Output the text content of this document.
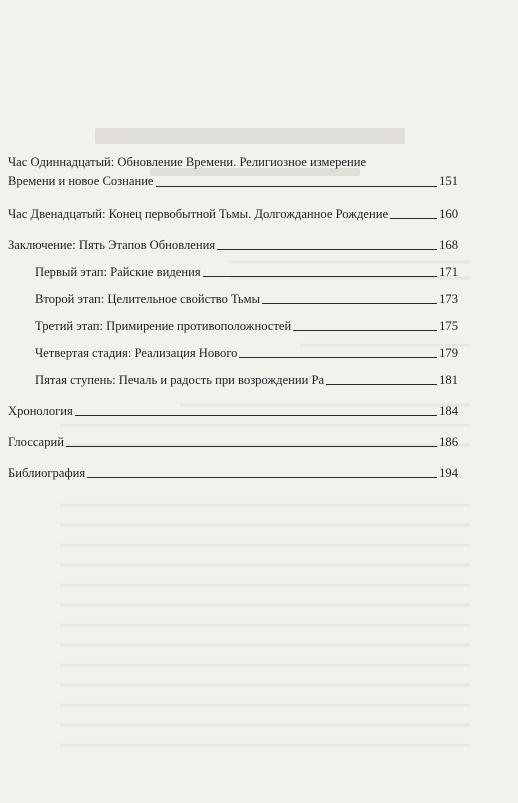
Час Одиннадцатый: Обновление Времени. Религиозное измерение
Времени и новое Сознание	151
Час Двенадцатый: Конец первобытной Тьмы. Долгожданное Рождение	160
Заключение: Пять Этапов Обновления	168
Первый этап: Райские видения	171
Второй этап: Целительное свойство Тьмы	173
Третий этап: Примирение противоположностей	175
Четвертая стадия: Реализация Нового	179
Пятая ступень: Печаль и радость при возрождении Ра	181
Хронология	184
Глоссарий	186
Библиография	194
